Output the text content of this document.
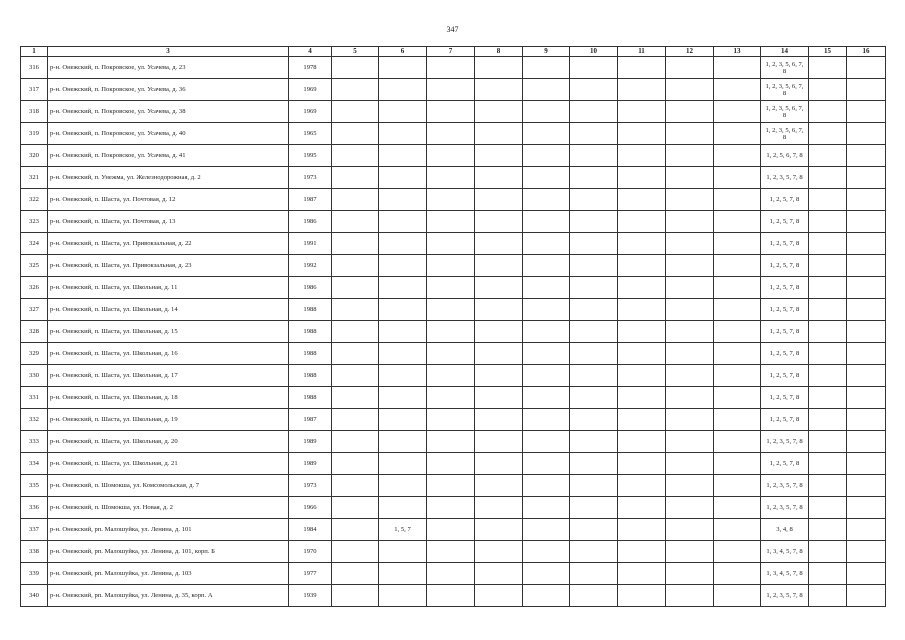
347
1	3	4	5	6	7	8	9	10	11	12	13	14	15	16
316	р-н. Онежский, п. Покровское, ул. Усачева, д. 23	1978										1, 2, 3, 5, 6, 7, 8		
317	р-н. Онежский, п. Покровское, ул. Усачева, д. 36	1969										1, 2, 3, 5, 6, 7, 8		
318	р-н. Онежский, п. Покровское, ул. Усачева, д. 38	1969										1, 2, 3, 5, 6, 7, 8		
319	р-н. Онежский, п. Покровское, ул. Усачева, д. 40	1965										1, 2, 3, 5, 6, 7, 8		
320	р-н. Онежский, п. Покровское, ул. Усачева, д. 41	1995										1, 2, 5, 6, 7, 8		
321	р-н. Онежский, п. Унежма, ул. Железнодорожная, д. 2	1973										1, 2, 3, 5, 7, 8		
322	р-н. Онежский, п. Шаста, ул. Почтовая, д. 12	1987										1, 2, 5, 7, 8		
323	р-н. Онежский, п. Шаста, ул. Почтовая, д. 13	1986										1, 2, 5, 7, 8		
324	р-н. Онежский, п. Шаста, ул. Привокзальная, д. 22	1991										1, 2, 5, 7, 8		
325	р-н. Онежский, п. Шаста, ул. Привокзальная, д. 23	1992										1, 2, 5, 7, 8		
326	р-н. Онежский, п. Шаста, ул. Школьная, д. 11	1986										1, 2, 5, 7, 8		
327	р-н. Онежский, п. Шаста, ул. Школьная, д. 14	1988										1, 2, 5, 7, 8		
328	р-н. Онежский, п. Шаста, ул. Школьная, д. 15	1988										1, 2, 5, 7, 8		
329	р-н. Онежский, п. Шаста, ул. Школьная, д. 16	1988										1, 2, 5, 7, 8		
330	р-н. Онежский, п. Шаста, ул. Школьная, д. 17	1988										1, 2, 5, 7, 8		
331	р-н. Онежский, п. Шаста, ул. Школьная, д. 18	1988										1, 2, 5, 7, 8		
332	р-н. Онежский, п. Шаста, ул. Школьная, д. 19	1987										1, 2, 5, 7, 8		
333	р-н. Онежский, п. Шаста, ул. Школьная, д. 20	1989										1, 2, 3, 5, 7, 8		
334	р-н. Онежский, п. Шаста, ул. Школьная, д. 21	1989										1, 2, 5, 7, 8		
335	р-н. Онежский, п. Шомокша, ул. Комсомольская, д. 7	1973										1, 2, 3, 5, 7, 8		
336	р-н. Онежский, п. Шомокша, ул. Новая, д. 2	1966										1, 2, 3, 5, 7, 8		
337	р-н. Онежский, рп. Малошуйка, ул. Ленина, д. 101	1984		1, 5, 7								3, 4, 8		
338	р-н. Онежский, рп. Малошуйка, ул. Ленина, д. 101, корп. Б	1970										1, 3, 4, 5, 7, 8		
339	р-н. Онежский, рп. Малошуйка, ул. Ленина, д. 103	1977										1, 3, 4, 5, 7, 8		
340	р-н. Онежский, рп. Малошуйка, ул. Ленина, д. 35, корп. А	1939										1, 2, 3, 5, 7, 8		
